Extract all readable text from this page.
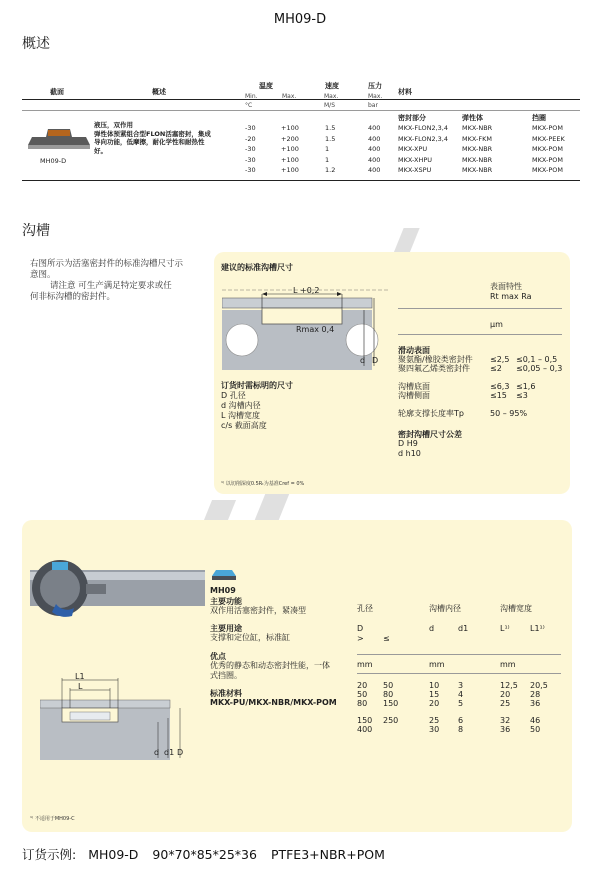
MH09-D
概述
截面	概述
温度
Min.	Max.
速度
Max.
压力
Max.
材料
°C	M/S	bar
密封部分	弹性体	挡圈
MH09-D
液压，双作用
弹性体预紧组合型FLON活塞密封，集成
导向功能，低摩擦，耐化学性和耐热性
好。
-30	+100	1.5	400	MKX-FLON2,3,4 MKX-NBR	MKX-POM
-20	+200	1.5	400	MKX-FLON2,3,4 MKX-FKM	MKX-PEEK
-30	+100	1	400	MKX-XPU	MKX-NBR	MKX-POM
-30	+100	1	400	MKX-XHPU	MKX-NBR	MKX-POM
-30	+100	1.2	400	MKX-XSPU	MKX-NBR	MKX-POM
沟槽
右图所示为活塞密封件的标准沟槽尺寸示
意图。
请注意 可生产满足特定要求或任
何非标沟槽的密封件。
建议的标准沟槽尺寸
L +0,2
Rmax 0,4
d D
订货时需标明的尺寸
D 孔径
d 沟槽内径
L 沟槽宽度
c/s 截面高度
¹⁾ 以切削深度0.5Rₜ为基准Cref = 0%
表面特性
Rt max Ra
µm
滑动表面
聚氨酯/橡胶类密封件 ≤2,5 ≤0,1 – 0,5
聚四氟乙烯类密封件	≤2 ≤0,05 – 0,3
沟槽底面	≤6,3 ≤1,6
沟槽侧面	≤15 ≤3
轮廓支撑长度率Tp	50 – 95%
密封沟槽尺寸公差
D H9
d h10
MH09
主要功能
双作用活塞密封件，紧凑型
主要用途
支撑和定位缸，标准缸
优点
优秀的静态和动态密封性能，一体
式挡圈。
标准材料
MKX-PU/MKX-NBR/MKX-POM
孔径	沟槽内径	沟槽宽度
D
> ≤
d	d1	L¹⁾	L1¹⁾
mm	mm	mm
20 50	10 3	12,5 20,5
50 80	15 4	20 28
80 150	20 5	25 36
150 250	25 6	32 46
400	30 8	36 50
L1
L
d d1 D
¹⁾ 不适用于MH09-C
订货示例: MH09-D 90*70*85*25*36 PTFE3+NBR+POM
